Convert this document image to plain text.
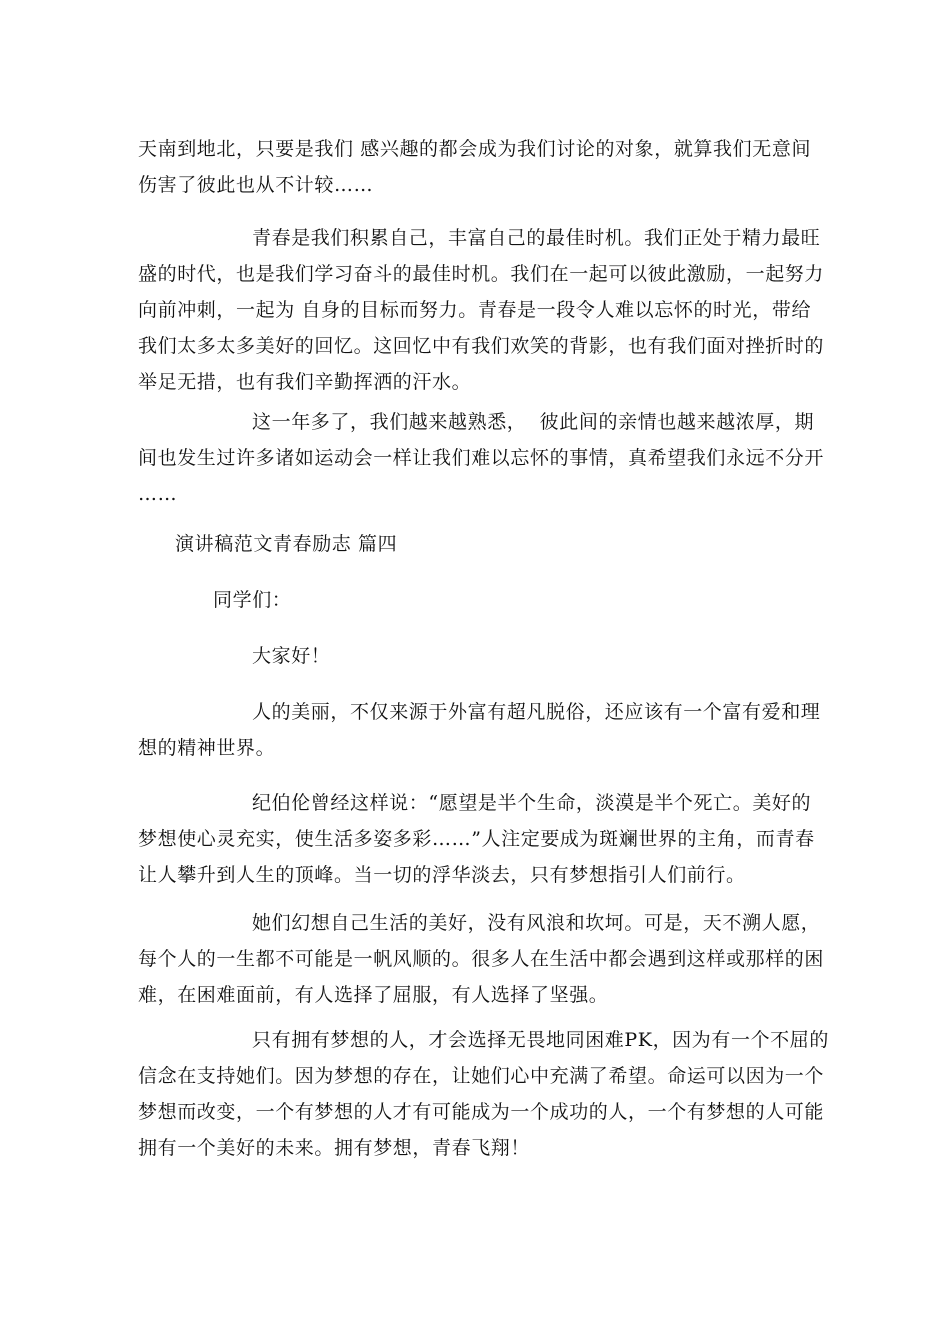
天南到地北，只要是我们 感兴趣的都会成为我们讨论的对象，就算我们无意间
伤害了彼此也从不计较……
青春是我们积累自己，丰富自己的最佳时机。我们正处于精力最旺
盛的时代，也是我们学习奋斗的最佳时机。我们在一起可以彼此激励，一起努力
向前冲刺，一起为 自身的目标而努力。青春是一段令人难以忘怀的时光，带给
我们太多太多美好的回忆。这回忆中有我们欢笑的背影，也有我们面对挫折时的
举足无措，也有我们辛勤挥洒的汗水。
这一年多了，我们越来越熟悉，  彼此间的亲情也越来越浓厚，期
间也发生过许多诸如运动会一样让我们难以忘怀的事情，真希望我们永远不分开
……
演讲稿范文青春励志 篇四
同学们：
大家好！
人的美丽，不仅来源于外富有超凡脱俗，还应该有一个富有爱和理
想的精神世界。
纪伯伦曾经这样说：“愿望是半个生命，淡漠是半个死亡。美好的
梦想使心灵充实，使生活多姿多彩……”人注定要成为斑斓世界的主角，而青春
让人攀升到人生的顶峰。当一切的浮华淡去，只有梦想指引人们前行。
她们幻想自己生活的美好，没有风浪和坎坷。可是，天不溯人愿，
每个人的一生都不可能是一帆风顺的。很多人在生活中都会遇到这样或那样的困
难，在困难面前，有人选择了屈服，有人选择了坚强。
只有拥有梦想的人，才会选择无畏地同困难PK，因为有一个不屈的
信念在支持她们。因为梦想的存在，让她们心中充满了希望。命运可以因为一个
梦想而改变，一个有梦想的人才有可能成为一个成功的人，一个有梦想的人可能
拥有一个美好的未来。拥有梦想，青春飞翔！
